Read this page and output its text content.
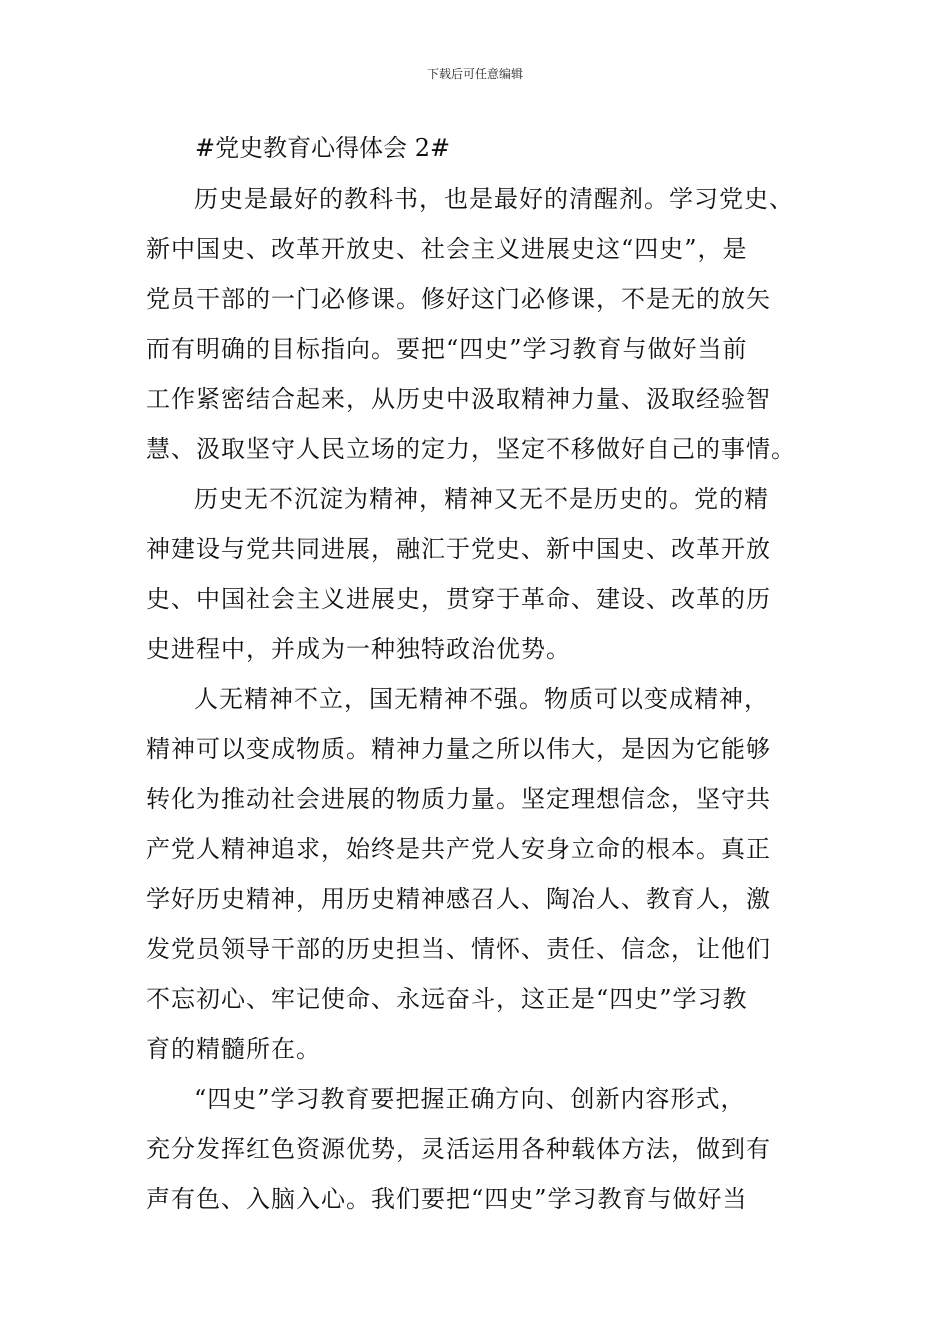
下载后可任意编辑
#党史教育心得体会 2#
历史是最好的教科书，也是最好的清醒剂。学习党史、
新中国史、改革开放史、社会主义进展史这“四史”，是
党员干部的一门必修课。修好这门必修课，不是无的放矢
而有明确的目标指向。要把“四史”学习教育与做好当前
工作紧密结合起来，从历史中汲取精神力量、汲取经验智
慧、汲取坚守人民立场的定力，坚定不移做好自己的事情。
历史无不沉淀为精神，精神又无不是历史的。党的精
神建设与党共同进展，融汇于党史、新中国史、改革开放
史、中国社会主义进展史，贯穿于革命、建设、改革的历
史进程中，并成为一种独特政治优势。
人无精神不立，国无精神不强。物质可以变成精神，
精神可以变成物质。精神力量之所以伟大，是因为它能够
转化为推动社会进展的物质力量。坚定理想信念，坚守共
产党人精神追求，始终是共产党人安身立命的根本。真正
学好历史精神，用历史精神感召人、陶冶人、教育人，激
发党员领导干部的历史担当、情怀、责任、信念，让他们
不忘初心、牢记使命、永远奋斗，这正是“四史”学习教
育的精髓所在。
“四史”学习教育要把握正确方向、创新内容形式，
充分发挥红色资源优势，灵活运用各种载体方法，做到有
声有色、入脑入心。我们要把“四史”学习教育与做好当
